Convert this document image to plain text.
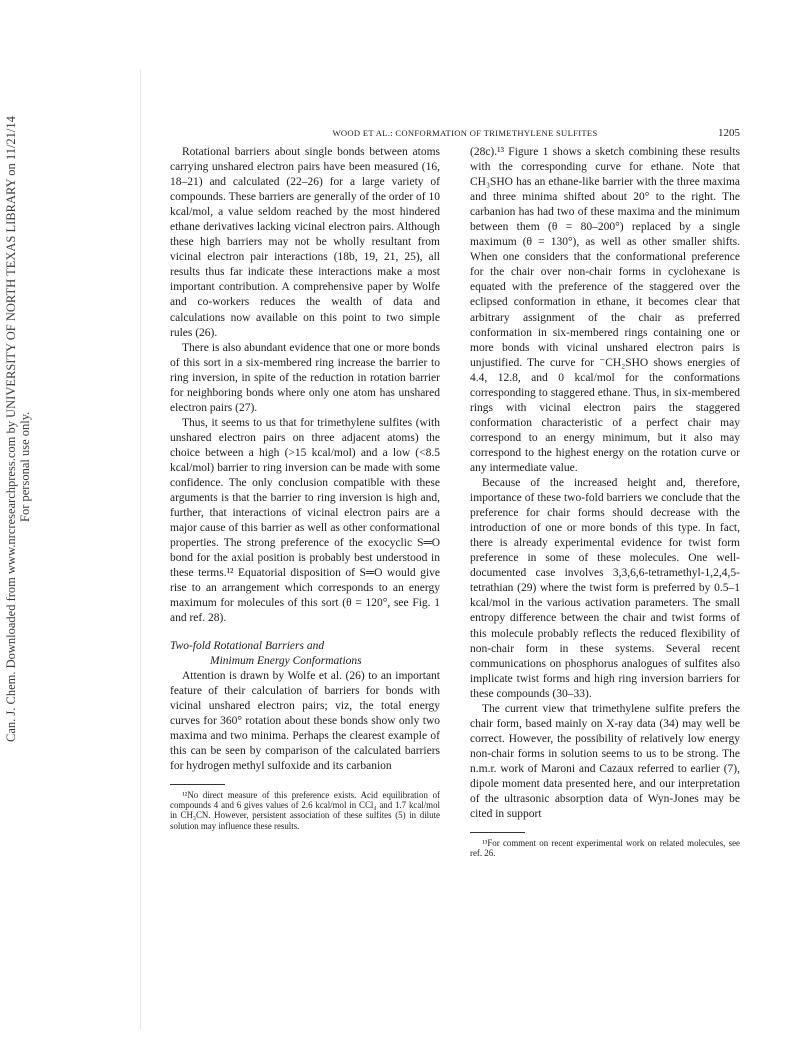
Can. J. Chem. Downloaded from www.nrcresearchpress.com by UNIVERSITY OF NORTH TEXAS LIBRARY on 11/21/14 For personal use only.
WOOD ET AL.: CONFORMATION OF TRIMETHYLENE SULFITES	1205

Rotational barriers about single bonds between atoms carrying unshared electron pairs have been measured (16, 18–21) and calculated (22–26) for a large variety of compounds. These barriers are generally of the order of 10 kcal/mol, a value seldom reached by the most hindered ethane derivatives lacking vicinal electron pairs. Although these high barriers may not be wholly resultant from vicinal electron pair interactions (18b, 19, 21, 25), all results thus far indicate these interactions make a most important contribution. A comprehensive paper by Wolfe and co-workers reduces the wealth of data and calculations now available on this point to two simple rules (26).

There is also abundant evidence that one or more bonds of this sort in a six-membered ring increase the barrier to ring inversion, in spite of the reduction in rotation barrier for neighboring bonds where only one atom has unshared electron pairs (27).

Thus, it seems to us that for trimethylene sulfites (with unshared electron pairs on three adjacent atoms) the choice between a high (>15 kcal/mol) and a low (<8.5 kcal/mol) barrier to ring inversion can be made with some confidence. The only conclusion compatible with these arguments is that the barrier to ring inversion is high and, further, that interactions of vicinal electron pairs are a major cause of this barrier as well as other conformational properties. The strong preference of the exocyclic S═O bond for the axial position is probably best understood in these terms.¹² Equatorial disposition of S═O would give rise to an arrangement which corresponds to an energy maximum for molecules of this sort (θ = 120°, see Fig. 1 and ref. 28).

Two-fold Rotational Barriers and
Minimum Energy Conformations

Attention is drawn by Wolfe et al. (26) to an important feature of their calculation of barriers for bonds with vicinal unshared electron pairs; viz, the total energy curves for 360° rotation about these bonds show only two maxima and two minima. Perhaps the clearest example of this can be seen by comparison of the calculated barriers for hydrogen methyl sulfoxide and its carbanion

¹²No direct measure of this preference exists. Acid equilibration of compounds 4 and 6 gives values of 2.6 kcal/mol in CCl₄ and 1.7 kcal/mol in CH₃CN. However, persistent association of these sulfites (5) in dilute solution may influence these results.

(28c).¹³ Figure 1 shows a sketch combining these results with the corresponding curve for ethane. Note that CH₃SHO has an ethane-like barrier with the three maxima and three minima shifted about 20° to the right. The carbanion has had two of these maxima and the minimum between them (θ = 80–200°) replaced by a single maximum (θ = 130°), as well as other smaller shifts. When one considers that the conformational preference for the chair over non-chair forms in cyclohexane is equated with the preference of the staggered over the eclipsed conformation in ethane, it becomes clear that arbitrary assignment of the chair as preferred conformation in six-membered rings containing one or more bonds with vicinal unshared electron pairs is unjustified. The curve for ⁻CH₂SHO shows energies of 4.4, 12.8, and 0 kcal/mol for the conformations corresponding to staggered ethane. Thus, in six-membered rings with vicinal electron pairs the staggered conformation characteristic of a perfect chair may correspond to an energy minimum, but it also may correspond to the highest energy on the rotation curve or any intermediate value.

Because of the increased height and, therefore, importance of these two-fold barriers we conclude that the preference for chair forms should decrease with the introduction of one or more bonds of this type. In fact, there is already experimental evidence for twist form preference in some of these molecules. One well-documented case involves 3,3,6,6-tetramethyl-1,2,4,5-tetrathian (29) where the twist form is preferred by 0.5–1 kcal/mol in the various activation parameters. The small entropy difference between the chair and twist forms of this molecule probably reflects the reduced flexibility of non-chair form in these systems. Several recent communications on phosphorus analogues of sulfites also implicate twist forms and high ring inversion barriers for these compounds (30–33).

The current view that trimethylene sulfite prefers the chair form, based mainly on X-ray data (34) may well be correct. However, the possibility of relatively low energy non-chair forms in solution seems to us to be strong. The n.m.r. work of Maroni and Cazaux referred to earlier (7), dipole moment data presented here, and our interpretation of the ultrasonic absorption data of Wyn-Jones may be cited in support

¹³For comment on recent experimental work on related molecules, see ref. 26.
